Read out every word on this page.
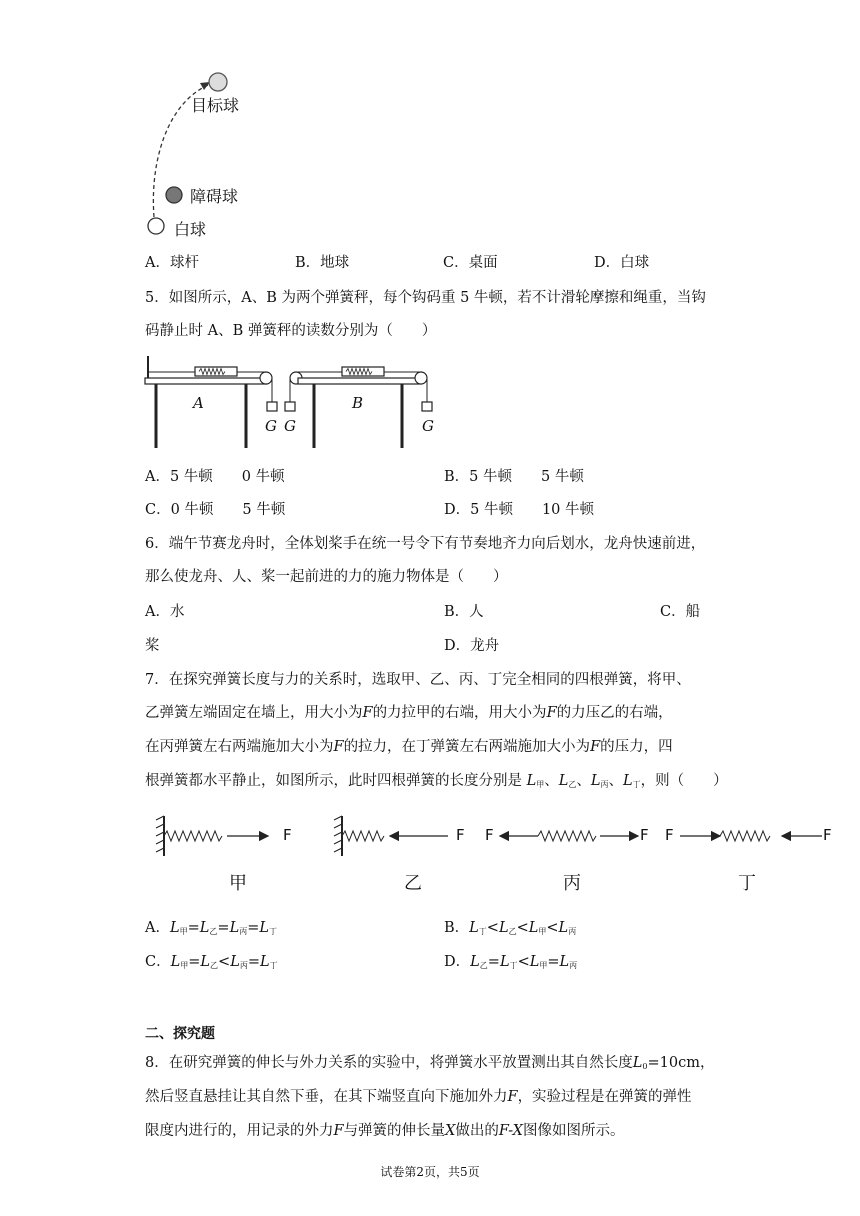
目标球
障碍球
白球
A．球杆	B．地球	C．桌面	D．白球
5．如图所示，A、B 为两个弹簧秤，每个钩码重 5 牛顿，若不计滑轮摩擦和绳重，当钩
码静止时 A、B 弹簧秤的读数分别为（　　）
A	B
G G	G
A．5 牛顿　　0 牛顿	B．5 牛顿　　5 牛顿
C．0 牛顿　　5 牛顿	D．5 牛顿　　10 牛顿
6．端午节赛龙舟时，全体划桨手在统一号令下有节奏地齐力向后划水，龙舟快速前进，
那么使龙舟、人、桨一起前进的力的施力物体是（　　）
A．水	B．人	C．船
桨	D．龙舟
7．在探究弹簧长度与力的关系时，选取甲、乙、丙、丁完全相同的四根弹簧，将甲、
乙弹簧左端固定在墙上，用大小为F的力拉甲的右端，用大小为F的力压乙的右端，
在丙弹簧左右两端施加大小为F的拉力，在丁弹簧左右两端施加大小为F的压力，四
根弹簧都水平静止，如图所示，此时四根弹簧的长度分别是 $L_甲$、$L_乙$、$L_丙$、$L_丁$，则（　　）
F	F F	F F	F
甲	乙	丙	丁
A．$L_甲=L_乙=L_丙=L_丁$	B．$L_丁<L_乙<L_甲<L_丙$
C．$L_甲=L_乙<L_丙=L_丁$	D．$L_乙=L_丁<L_甲=L_丙$
二、探究题
8．在研究弹簧的伸长与外力关系的实验中，将弹簧水平放置测出其自然长度$L_0=10cm$，
然后竖直悬挂让其自然下垂，在其下端竖直向下施加外力F，实验过程是在弹簧的弹性
限度内进行的，用记录的外力F与弹簧的伸长量X做出的F-X图像如图所示。
试卷第2页，共5页
